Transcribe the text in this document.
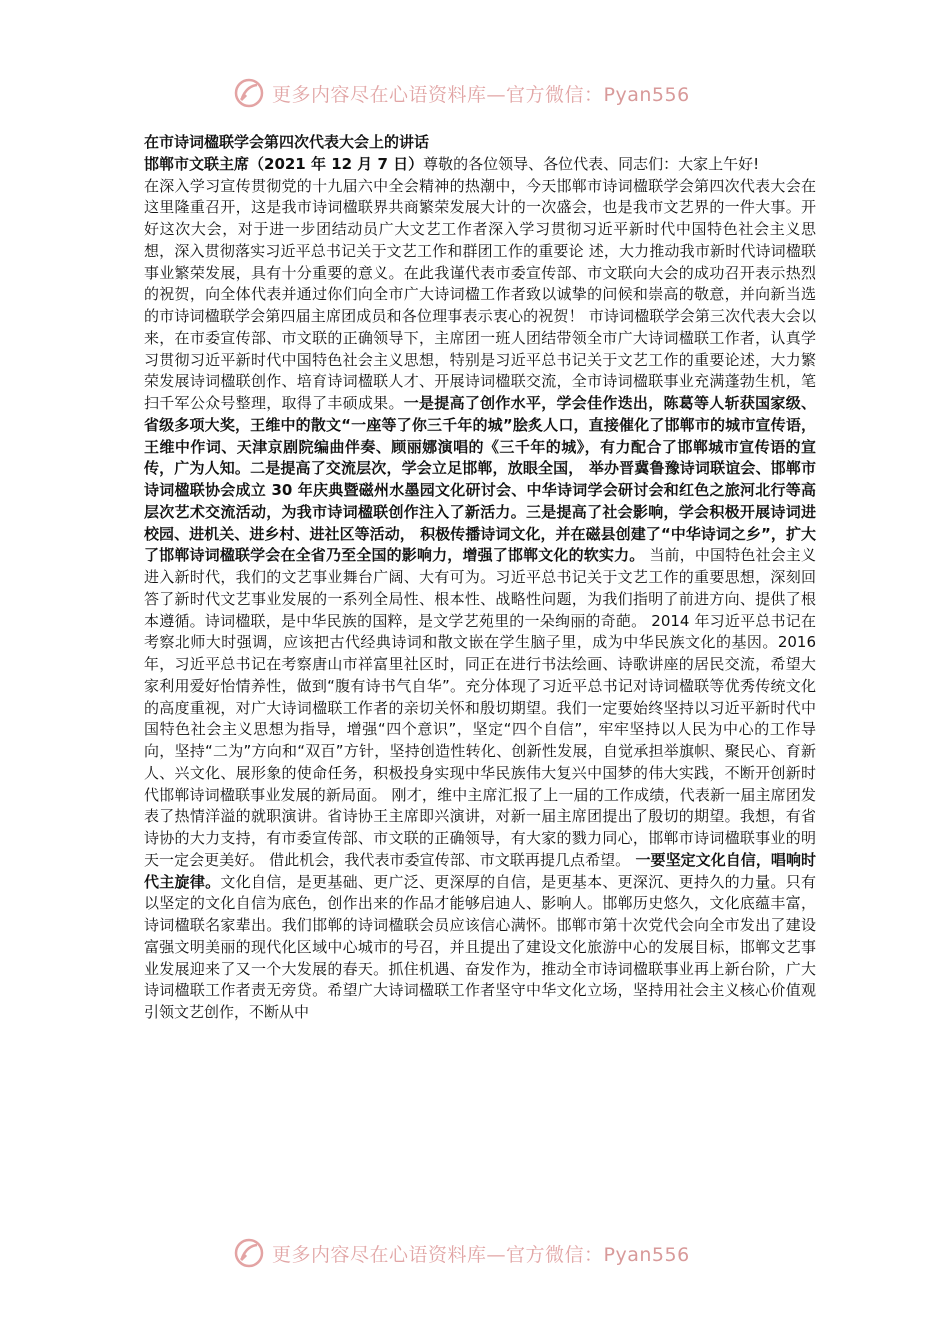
更多内容尽在心语资料库—官方微信：Pyan556
在市诗词楹联学会第四次代表大会上的讲话

邯郸市文联主席（2021 年 12 月 7 日）尊敬的各位领导、各位代表、同志们：大家上午好!
在深入学习宣传贯彻党的十九届六中全会精神的热潮中，今天邯郸市诗词楹联学会第四次代表大会在这里隆重召开，这是我市诗词楹联界共商繁荣发展大计的一次盛会，也是我市文艺界的一件大事。开好这次大会，对于进一步团结动员广大文艺工作者深入学习贯彻习近平新时代中国特色社会主义思想，深入贯彻落实习近平总书记关于文艺工作和群团工作的重要论 述，大力推动我市新时代诗词楹联事业繁荣发展，具有十分重要的意义。在此我谨代表市委宣传部、市文联向大会的成功召开表示热烈的祝贺，向全体代表并通过你们向全市广大诗词楹工作者致以诚挚的问候和崇高的敬意，并向新当选的市诗词楹联学会第四届主席团成员和各位理事表示衷心的祝贺！ 市诗词楹联学会第三次代表大会以来，在市委宣传部、市文联的正确领导下，主席团一班人团结带领全市广大诗词楹联工作者，认真学习贯彻习近平新时代中国特色社会主义思想，特别是习近平总书记关于文艺工作的重要论述，大力繁荣发展诗词楹联创作、培育诗词楹联人才、开展诗词楹联交流，全市诗词楹联事业充满蓬勃生机，笔扫千军公众号整理，取得了丰硕成果。一是提高了创作水平，学会佳作迭出，陈葛等人斩获国家级、省级多项大奖，王维中的散文“一座等了你三千年的城”脍炙人口，直接催化了邯郸市的城市宣传语，王维中作词、天津京剧院编曲伴奏、顾丽娜演唱的《三千年的城》，有力配合了邯郸城市宣传语的宣传，广为人知。二是提高了交流层次，学会立足邯郸，放眼全国， 举办晋冀鲁豫诗词联谊会、邯郸市诗词楹联协会成立 30 年庆典暨磁州水墨园文化研讨会、中华诗词学会研讨会和红色之旅河北行等高层次艺术交流活动，为我市诗词楹联创作注入了新活力。三是提高了社会影响，学会积极开展诗词进校园、进机关、进乡村、进社区等活动， 积极传播诗词文化，并在磁县创建了“中华诗词之乡”，扩大了邯郸诗词楹联学会在全省乃至全国的影响力，增强了邯郸文化的软实力。 当前，中国特色社会主义进入新时代，我们的文艺事业舞台广阔、大有可为。习近平总书记关于文艺工作的重要思想，深刻回答了新时代文艺事业发展的一系列全局性、根本性、战略性问题，为我们指明了前进方向、提供了根本遵循。诗词楹联，是中华民族的国粹，是文学艺苑里的一朵绚丽的奇葩。 2014 年习近平总书记在考察北师大时强调，应该把古代经典诗词和散文嵌在学生脑子里，成为中华民族文化的基因。2016 年，习近平总书记在考察唐山市祥富里社区时，同正在进行书法绘画、诗歌讲座的居民交流，希望大家利用爱好怡情养性，做到“腹有诗书气自华”。充分体现了习近平总书记对诗词楹联等优秀传统文化的高度重视，对广大诗词楹联工作者的亲切关怀和殷切期望。我们一定要始终坚持以习近平新时代中国特色社会主义思想为指导，增强“四个意识”，坚定“四个自信”，牢牢坚持以人民为中心的工作导向，坚持“二为”方向和“双百”方针，坚持创造性转化、创新性发展，自觉承担举旗帜、聚民心、育新人、兴文化、展形象的使命任务，积极投身实现中华民族伟大复兴中国梦的伟大实践，不断开创新时代邯郸诗词楹联事业发展的新局面。 刚才，维中主席汇报了上一届的工作成绩，代表新一届主席团发表了热情洋溢的就职演讲。省诗协王主席即兴演讲，对新一届主席团提出了殷切的期望。我想，有省诗协的大力支持，有市委宣传部、市文联的正确领导，有大家的戮力同心，邯郸市诗词楹联事业的明天一定会更美好。 借此机会，我代表市委宣传部、市文联再提几点希望。 一要坚定文化自信，唱响时代主旋律。文化自信，是更基础、更广泛、更深厚的自信，是更基本、更深沉、更持久的力量。只有以坚定的文化自信为底色，创作出来的作品才能够启迪人、影响人。邯郸历史悠久，文化底蕴丰富，诗词楹联名家辈出。我们邯郸的诗词楹联会员应该信心满怀。邯郸市第十次党代会向全市发出了建设富强文明美丽的现代化区域中心城市的号召，并且提出了建设文化旅游中心的发展目标，邯郸文艺事业发展迎来了又一个大发展的春天。抓住机遇、奋发作为，推动全市诗词楹联事业再上新台阶，广大诗词楹联工作者责无旁贷。希望广大诗词楹联工作者坚守中华文化立场，坚持用社会主义核心价值观引领文艺创作，不断从中

更多内容尽在心语资料库—官方微信：Pyan556
